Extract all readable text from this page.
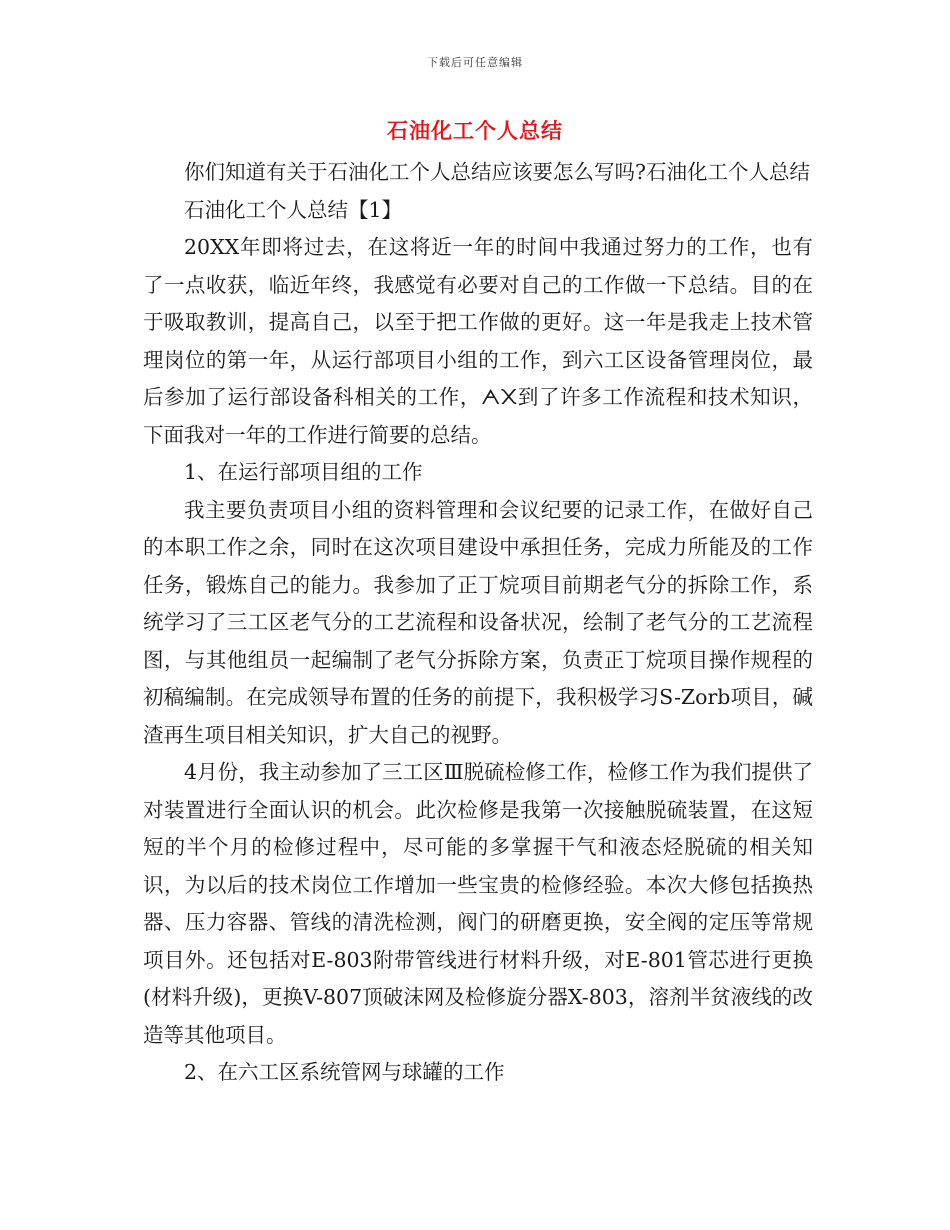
下载后可任意编辑
石油化工个人总结

你们知道有关于石油化工个人总结应该要怎么写吗?石油化工个人总结

石油化工个人总结【1】

20XX年即将过去，在这将近一年的时间中我通过努力的工作，也有了一点收获，临近年终，我感觉有必要对自己的工作做一下总结。目的在于吸取教训，提高自己，以至于把工作做的更好。这一年是我走上技术管理岗位的第一年，从运行部项目小组的工作，到六工区设备管理岗位，最后参加了运行部设备科相关的工作，ᗅ᙭到了许多工作流程和技术知识，下面我对一年的工作进行简要的总结。

1、在运行部项目组的工作

我主要负责项目小组的资料管理和会议纪要的记录工作，在做好自己的本职工作之余，同时在这次项目建设中承担任务，完成力所能及的工作任务，锻炼自己的能力。我参加了正丁烷项目前期老气分的拆除工作，系统学习了三工区老气分的工艺流程和设备状况，绘制了老气分的工艺流程图，与其他组员一起编制了老气分拆除方案，负责正丁烷项目操作规程的初稿编制。在完成领导布置的任务的前提下，我积极学习S-Zorb项目，碱渣再生项目相关知识，扩大自己的视野。

4月份，我主动参加了三工区Ⅲ脱硫检修工作，检修工作为我们提供了对装置进行全面认识的机会。此次检修是我第一次接触脱硫装置，在这短短的半个月的检修过程中，尽可能的多掌握干气和液态烃脱硫的相关知识，为以后的技术岗位工作增加一些宝贵的检修经验。本次大修包括换热器、压力容器、管线的清洗检测，阀门的研磨更换，安全阀的定压等常规项目外。还包括对E-803附带管线进行材料升级，对E-801管芯进行更换(材料升级)，更换V-807顶破沫网及检修旋分器X-803，溶剂半贫液线的改造等其他项目。

2、在六工区系统管网与球罐的工作
